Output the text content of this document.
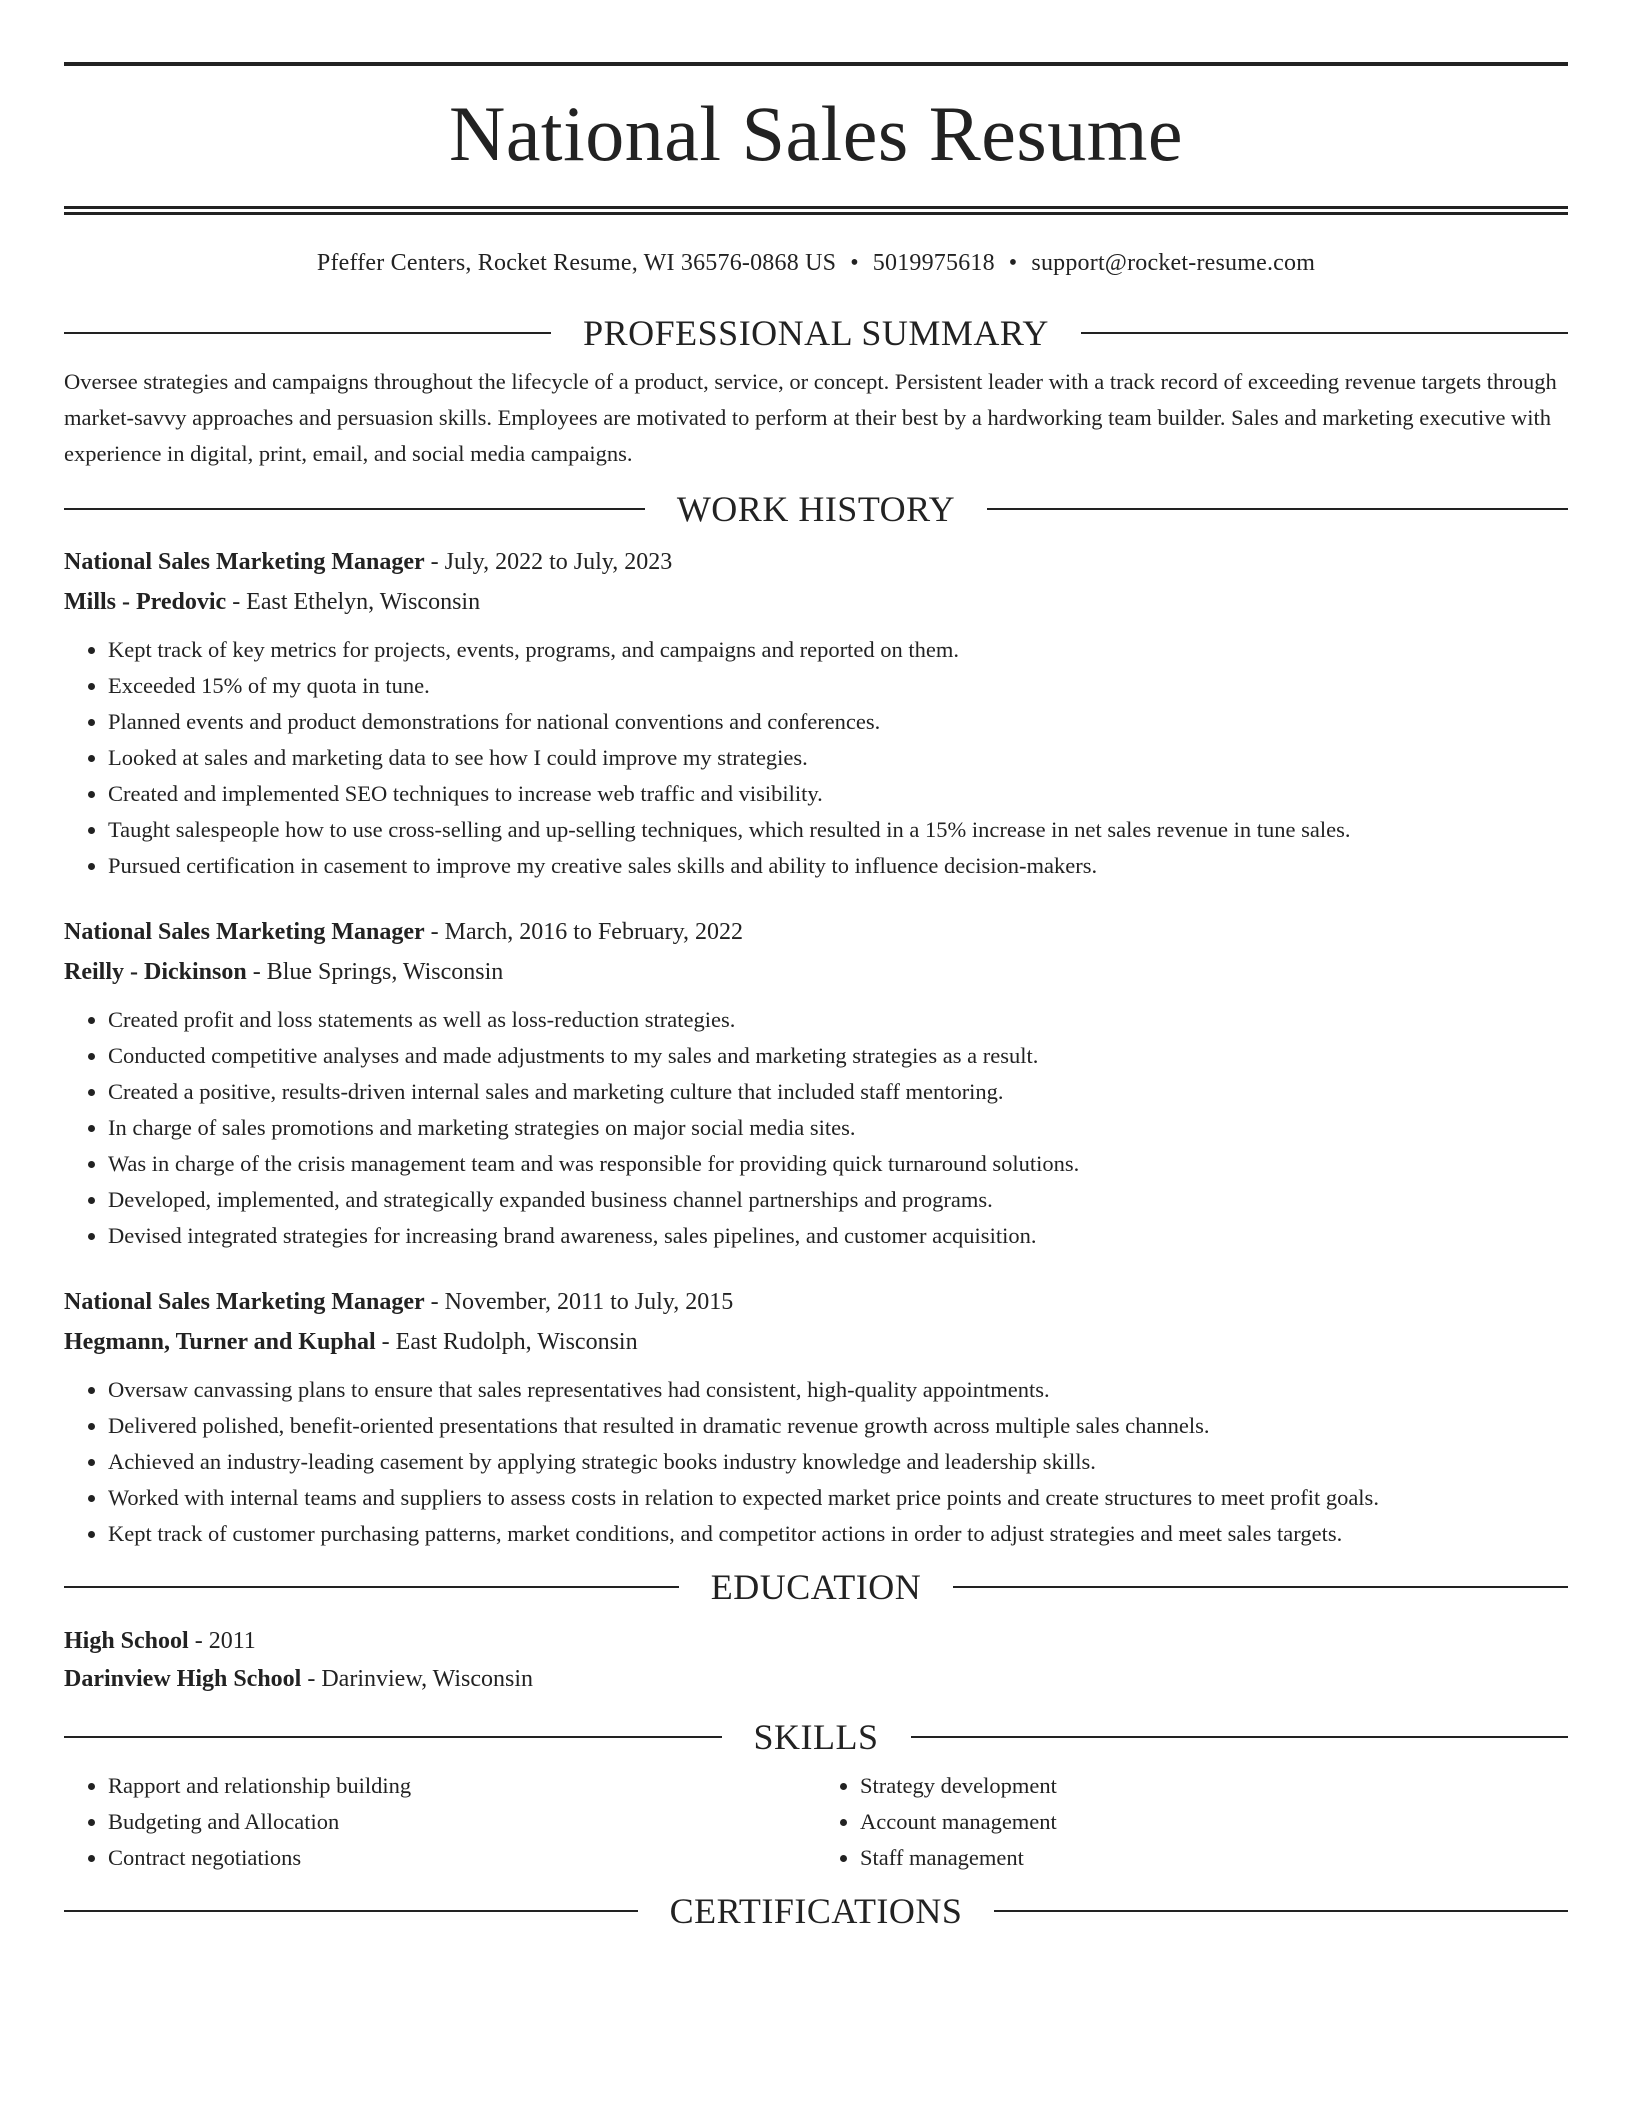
National Sales Resume
Pfeffer Centers, Rocket Resume, WI 36576-0868 US • 5019975618 • support@rocket-resume.com
PROFESSIONAL SUMMARY

Oversee strategies and campaigns throughout the lifecycle of a product, service, or concept. Persistent leader with a track record of exceeding revenue targets through market-savvy approaches and persuasion skills. Employees are motivated to perform at their best by a hardworking team builder. Sales and marketing executive with experience in digital, print, email, and social media campaigns.

WORK HISTORY
National Sales Marketing Manager - July, 2022 to July, 2023
Mills - Predovic - East Ethelyn, Wisconsin
• Kept track of key metrics for projects, events, programs, and campaigns and reported on them.
• Exceeded 15% of my quota in tune.
• Planned events and product demonstrations for national conventions and conferences.
• Looked at sales and marketing data to see how I could improve my strategies.
• Created and implemented SEO techniques to increase web traffic and visibility.
• Taught salespeople how to use cross-selling and up-selling techniques, which resulted in a 15% increase in net sales revenue in tune sales.
• Pursued certification in casement to improve my creative sales skills and ability to influence decision-makers.
National Sales Marketing Manager - March, 2016 to February, 2022
Reilly - Dickinson - Blue Springs, Wisconsin
• Created profit and loss statements as well as loss-reduction strategies.
• Conducted competitive analyses and made adjustments to my sales and marketing strategies as a result.
• Created a positive, results-driven internal sales and marketing culture that included staff mentoring.
• In charge of sales promotions and marketing strategies on major social media sites.
• Was in charge of the crisis management team and was responsible for providing quick turnaround solutions.
• Developed, implemented, and strategically expanded business channel partnerships and programs.
• Devised integrated strategies for increasing brand awareness, sales pipelines, and customer acquisition.
National Sales Marketing Manager - November, 2011 to July, 2015
Hegmann, Turner and Kuphal - East Rudolph, Wisconsin
• Oversaw canvassing plans to ensure that sales representatives had consistent, high-quality appointments.
• Delivered polished, benefit-oriented presentations that resulted in dramatic revenue growth across multiple sales channels.
• Achieved an industry-leading casement by applying strategic books industry knowledge and leadership skills.
• Worked with internal teams and suppliers to assess costs in relation to expected market price points and create structures to meet profit goals.
• Kept track of customer purchasing patterns, market conditions, and competitor actions in order to adjust strategies and meet sales targets.
EDUCATION
High School - 2011
Darinview High School - Darinview, Wisconsin
SKILLS
• Rapport and relationship building
• Budgeting and Allocation
• Contract negotiations
• Strategy development
• Account management
• Staff management
CERTIFICATIONS
